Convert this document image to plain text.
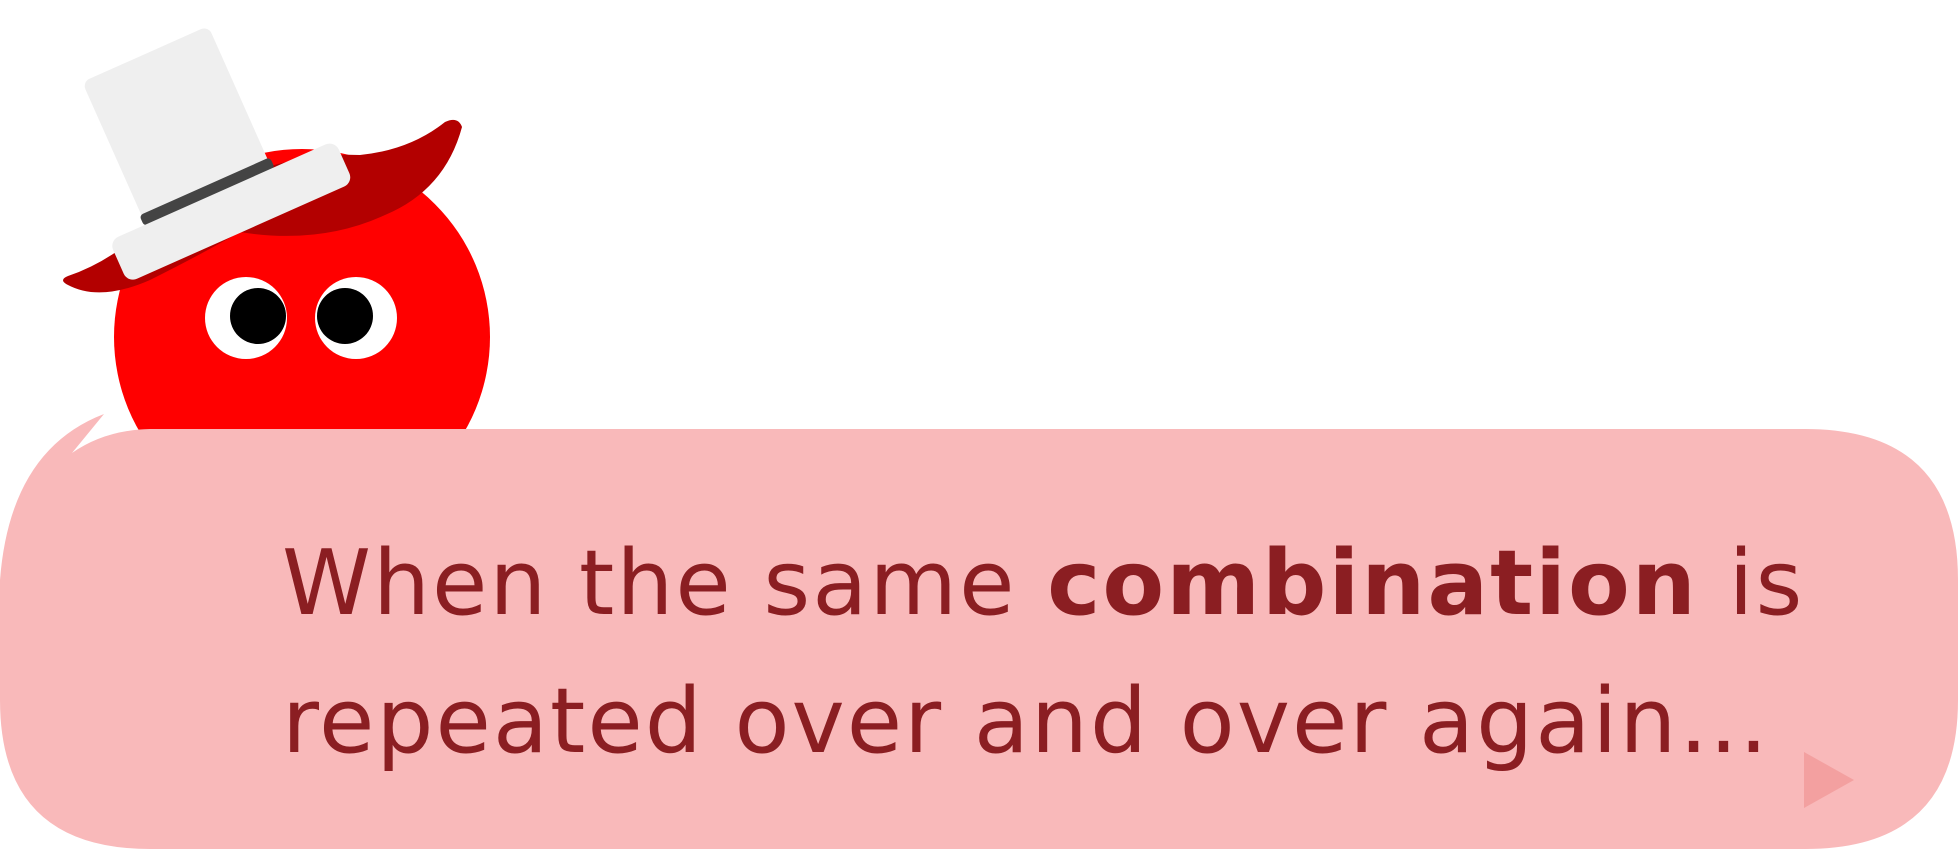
When the same combination is
repeated over and over again…
